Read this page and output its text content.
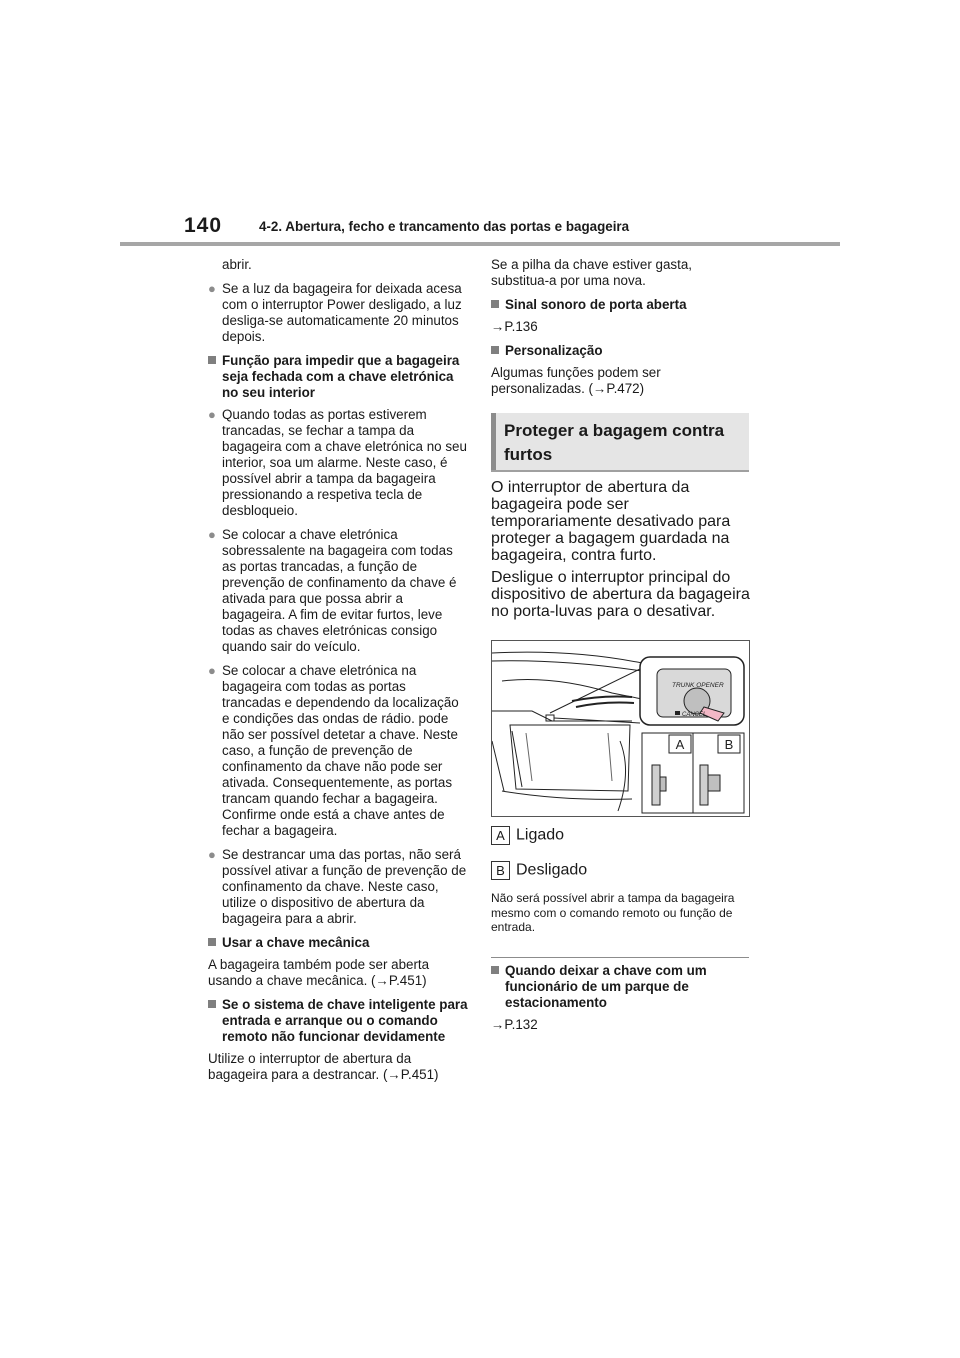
140	4-2. Abertura, fecho e trancamento das portas e bagageira

abrir.

● Se a luz da bagageira for deixada acesa com o interruptor Power desligado, a luz desliga-se automaticamente 20 minutos depois.

Função para impedir que a bagageira seja fechada com a chave eletrónica no seu interior

● Quando todas as portas estiverem trancadas, se fechar a tampa da bagageira com a chave eletrónica no seu interior, soa um alarme. Neste caso, é possível abrir a tampa da bagageira pressionando a respetiva tecla de desbloqueio.

● Se colocar a chave eletrónica sobressalente na bagageira com todas as portas trancadas, a função de prevenção de confinamento da chave é ativada para que possa abrir a bagageira. A fim de evitar furtos, leve todas as chaves eletrónicas consigo quando sair do veículo.

● Se colocar a chave eletrónica na bagageira com todas as portas trancadas e dependendo da localização e condições das ondas de rádio. pode não ser possível detetar a chave. Neste caso, a função de prevenção de confinamento da chave não pode ser ativada. Consequentemente, as portas trancam quando fechar a bagageira. Confirme onde está a chave antes de fechar a bagageira.

● Se destrancar uma das portas, não será possível ativar a função de prevenção de confinamento da chave. Neste caso, utilize o dispositivo de abertura da bagageira para a abrir.

Usar a chave mecânica

A bagageira também pode ser aberta usando a chave mecânica. (→P.451)

Se o sistema de chave inteligente para entrada e arranque ou o comando remoto não funcionar devidamente

Utilize o interruptor de abertura da bagageira para a destrancar. (→P.451)

Se a pilha da chave estiver gasta, substitua-a por uma nova.

Sinal sonoro de porta aberta

→P.136

Personalização

Algumas funções podem ser personalizadas. (→P.472)

Proteger a bagagem contra furtos

O interruptor de abertura da bagageira pode ser temporariamente desativado para proteger a bagagem guardada na bagageira, contra furto.

Desligue o interruptor principal do dispositivo de abertura da bagageira no porta-luvas para o desativar.

TRUNK OPENER
CANCEL
A	B
A Ligado
B Desligado
Não será possível abrir a tampa da bagageira mesmo com o comando remoto ou função de entrada.

Quando deixar a chave com um funcionário de um parque de estacionamento

→P.132
